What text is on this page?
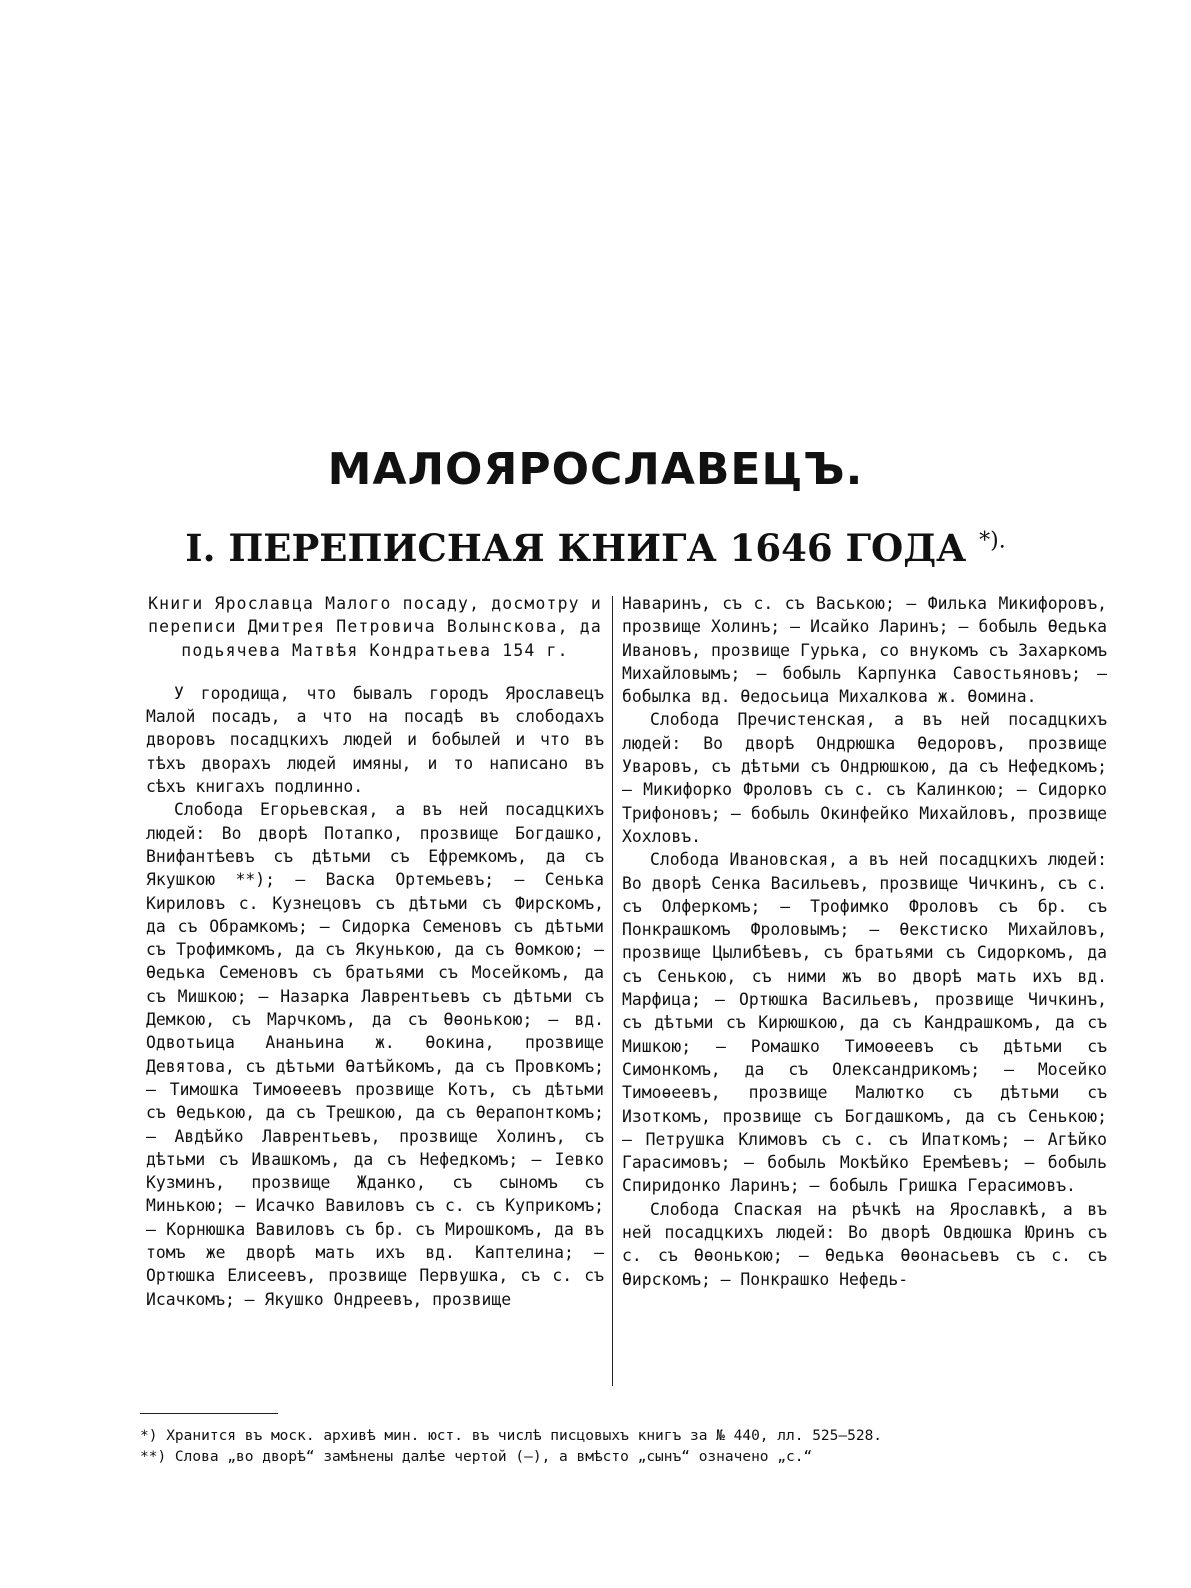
МАЛОЯРОСЛАВЕЦЪ.
I. ПЕРЕПИСНАЯ КНИГА 1646 ГОДА *).

Книги Ярославца Малого посаду, досмотру и переписи Дмитрея Петровича Волынскова, да подьячева Матвѣя Кондратьева 154 г.

У городища, что бывалъ городъ Ярославецъ Малой посадъ, а что на посадѣ въ слободахъ дворовъ посадцкихъ людей и бобылей и что въ тѣхъ дворахъ людей имяны, и то написано въ сѣхъ книгахъ подлинно.

Слобода Егорьевская, а въ ней посадцкихъ людей: Во дворѣ Потапко, прозвище Богдашко, Внифантѣевъ съ дѣтьми съ Ефремкомъ, да съ Якушкою **); — Васка Ортемьевъ; — Сенька Кириловъ с. Кузнецовъ съ дѣтьми съ Фирскомъ, да съ Обрамкомъ; — Сидорка Семеновъ съ дѣтьми съ Трофимкомъ, да съ Якунькою, да съ Ѳомкою; — Ѳедька Семеновъ съ братьями съ Мосейкомъ, да съ Мишкою; — Назарка Лаврентьевъ съ дѣтьми съ Демкою, съ Марчкомъ, да съ Ѳѳонькою; — вд. Одвотьица Ананьина ж. Ѳокина, прозвище Девятова, съ дѣтьми Ѳатѣйкомъ, да съ Провкомъ; — Тимошка Тимоѳеевъ прозвище Котъ, съ дѣтьми съ Ѳедькою, да съ Трешкою, да съ Ѳерапонткомъ; — Авдѣйко Лаврентьевъ, прозвище Холинъ, съ дѣтьми съ Ивашкомъ, да съ Нефедкомъ; — Іевко Кузминъ, прозвище Жданко, съ сыномъ съ Минькою; — Исачко Вавиловъ съ с. съ Куприкомъ; — Корнюшка Вавиловъ съ бр. съ Мирошкомъ, да въ томъ же дворѣ мать ихъ вд. Каптелина; — Ортюшка Елисеевъ, прозвище Первушка, съ с. съ Исачкомъ; — Якушко Ондреевъ, прозвище

Наваринъ, съ с. съ Ваською; — Филька Микифоровъ, прозвище Холинъ; — Исайко Ларинъ; — бобыль Ѳедька Ивановъ, прозвище Гурька, со внукомъ съ Захаркомъ Михайловымъ; — бобыль Карпунка Савостьяновъ; — бобылка вд. Ѳедосьица Михалкова ж. Ѳомина.

Слобода Пречистенская, а въ ней посадцкихъ людей: Во дворѣ Ондрюшка Ѳедоровъ, прозвище Уваровъ, съ дѣтьми съ Ондрюшкою, да съ Нефедкомъ; — Микифорко Фроловъ съ с. съ Калинкою; — Сидорко Трифоновъ; — бобыль Окинфейко Михайловъ, прозвище Хохловъ.

Слобода Ивановская, а въ ней посадцкихъ людей: Во дворѣ Сенка Васильевъ, прозвище Чичкинъ, съ с. съ Олферкомъ; — Трофимко Фроловъ съ бр. съ Понкрашкомъ Фроловымъ; — Ѳекстиско Михайловъ, прозвище Цылибѣевъ, съ братьями съ Сидоркомъ, да съ Сенькою, съ ними жъ во дворѣ мать ихъ вд. Марфица; — Ортюшка Васильевъ, прозвище Чичкинъ, съ дѣтьми съ Кирюшкою, да съ Кандрашкомъ, да съ Мишкою; — Ромашко Тимоѳеевъ съ дѣтьми съ Симонкомъ, да съ Олександрикомъ; — Мосейко Тимоѳеевъ, прозвище Малютко съ дѣтьми съ Изоткомъ, прозвище съ Богдашкомъ, да съ Сенькою; — Петрушка Климовъ съ с. съ Ипаткомъ; — Агѣйко Гарасимовъ; — бобыль Мокѣйко Еремѣевъ; — бобыль Спиридонко Ларинъ; — бобыль Гришка Герасимовъ.

Слобода Спаская на рѣчкѣ на Ярославкѣ, а въ ней посадцкихъ людей: Во дворѣ Овдюшка Юринъ съ с. съ Ѳѳонькою; — Ѳедька Ѳѳонасьевъ съ с. съ Ѳирскомъ; — Понкрашко Нефедь-

*) Хранится въ моск. архивѣ мин. юст. въ числѣ писцовыхъ книгъ за № 440, лл. 525—528.

**) Слова „во дворѣ“ замѣнены далѣе чертой (—), а вмѣсто „сынъ“ означено „с.“
